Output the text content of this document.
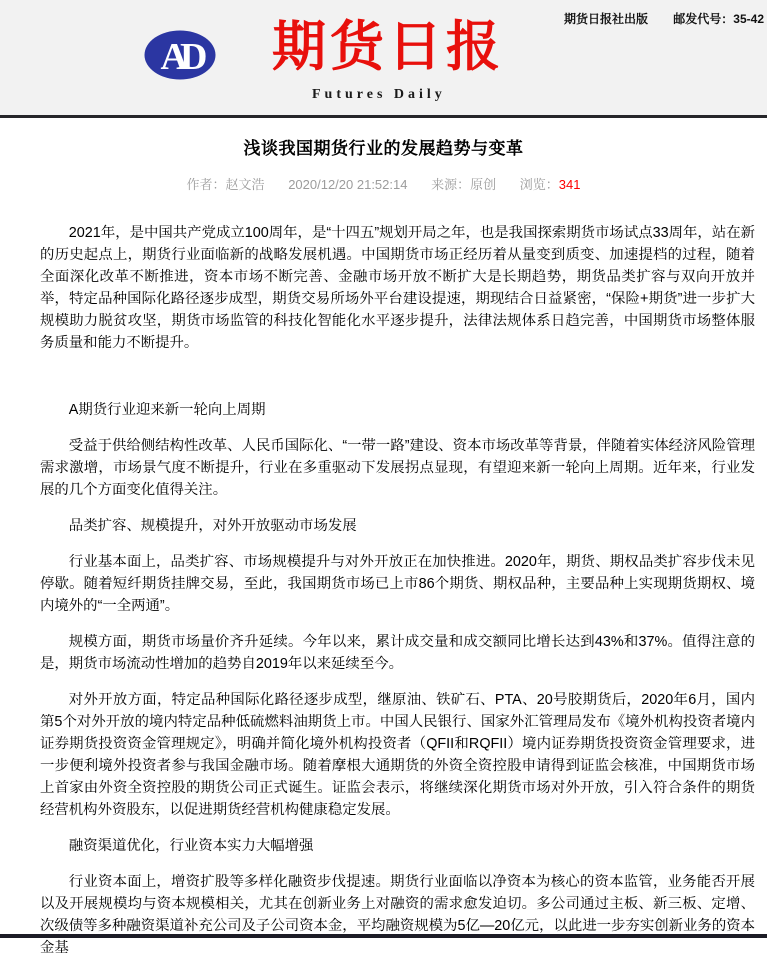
期货日报社出版 邮发代号：35-42
AD 期货日报
Futures Daily
浅谈我国期货行业的发展趋势与变革
作者：赵文浩 2020/12/20 21:52:14 来源：原创 浏览：341

2021年，是中国共产党成立100周年，是“十四五”规划开局之年，也是我国探索期货市场试点33周年，站在新的历史起点上，期货行业面临新的战略发展机遇。中国期货市场正经历着从量变到质变、加速提档的过程，随着全面深化改革不断推进，资本市场不断完善、金融市场开放不断扩大是长期趋势，期货品类扩容与双向开放并举，特定品种国际化路径逐步成型，期货交易所场外平台建设提速，期现结合日益紧密，“保险+期货”进一步扩大规模助力脱贫攻坚，期货市场监管的科技化智能化水平逐步提升，法律法规体系日趋完善，中国期货市场整体服务质量和能力不断提升。

A期货行业迎来新一轮向上周期

受益于供给侧结构性改革、人民币国际化、“一带一路”建设、资本市场改革等背景，伴随着实体经济风险管理需求激增，市场景气度不断提升，行业在多重驱动下发展拐点显现，有望迎来新一轮向上周期。近年来，行业发展的几个方面变化值得关注。

品类扩容、规模提升，对外开放驱动市场发展

行业基本面上，品类扩容、市场规模提升与对外开放正在加快推进。2020年，期货、期权品类扩容步伐未见停歇。随着短纤期货挂牌交易，至此，我国期货市场已上市86个期货、期权品种，主要品种上实现期货期权、境内境外的“一全两通”。

规模方面，期货市场量价齐升延续。今年以来，累计成交量和成交额同比增长达到43%和37%。值得注意的是，期货市场流动性增加的趋势自2019年以来延续至今。

对外开放方面，特定品种国际化路径逐步成型，继原油、铁矿石、PTA、20号胶期货后，2020年6月，国内第5个对外开放的境内特定品种低硫燃料油期货上市。中国人民银行、国家外汇管理局发布《境外机构投资者境内证券期货投资资金管理规定》，明确并简化境外机构投资者（QFII和RQFII）境内证券期货投资资金管理要求，进一步便利境外投资者参与我国金融市场。随着摩根大通期货的外资全资控股申请得到证监会核准，中国期货市场上首家由外资全资控股的期货公司正式诞生。证监会表示，将继续深化期货市场对外开放，引入符合条件的期货经营机构外资股东，以促进期货经营机构健康稳定发展。

融资渠道优化，行业资本实力大幅增强

行业资本面上，增资扩股等多样化融资步伐提速。期货行业面临以净资本为核心的资本监管，业务能否开展以及开展规模均与资本规模相关，尤其在创新业务上对融资的需求愈发迫切。多公司通过主板、新三板、定增、次级债等多种融资渠道补充公司及子公司资本金，平均融资规模为5亿—20亿元，以此进一步夯实创新业务的资本金基
